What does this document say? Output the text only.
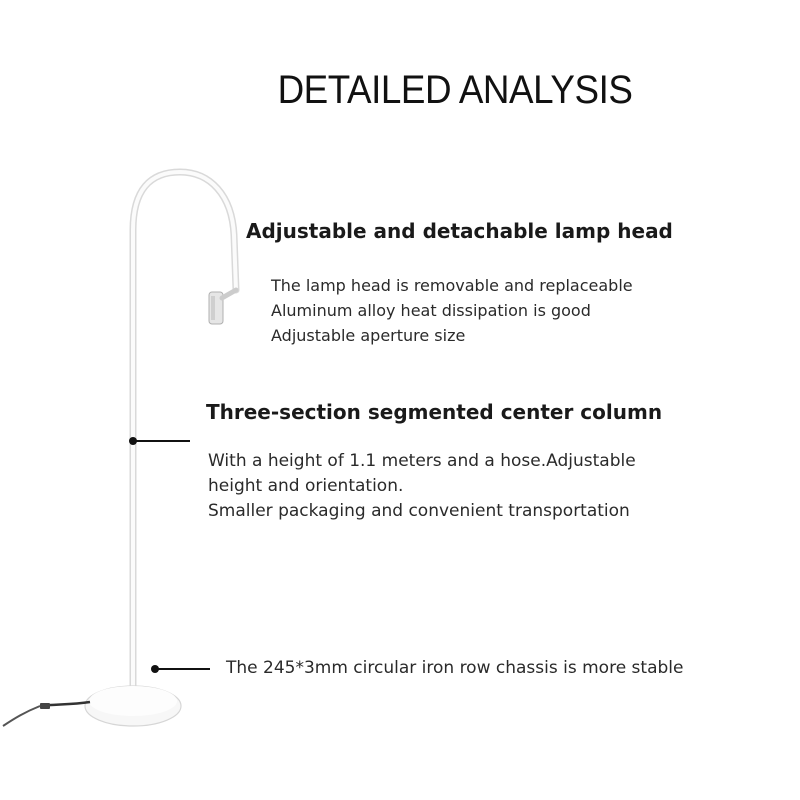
DETAILED ANALYSIS
Adjustable and detachable lamp head
The lamp head is removable and replaceable
Aluminum alloy heat dissipation is good
Adjustable aperture size
Three-section segmented center column
With a height of 1.1 meters and a hose.Adjustable
height and orientation.
Smaller packaging and convenient transportation
The 245*3mm circular iron row chassis is more stable
